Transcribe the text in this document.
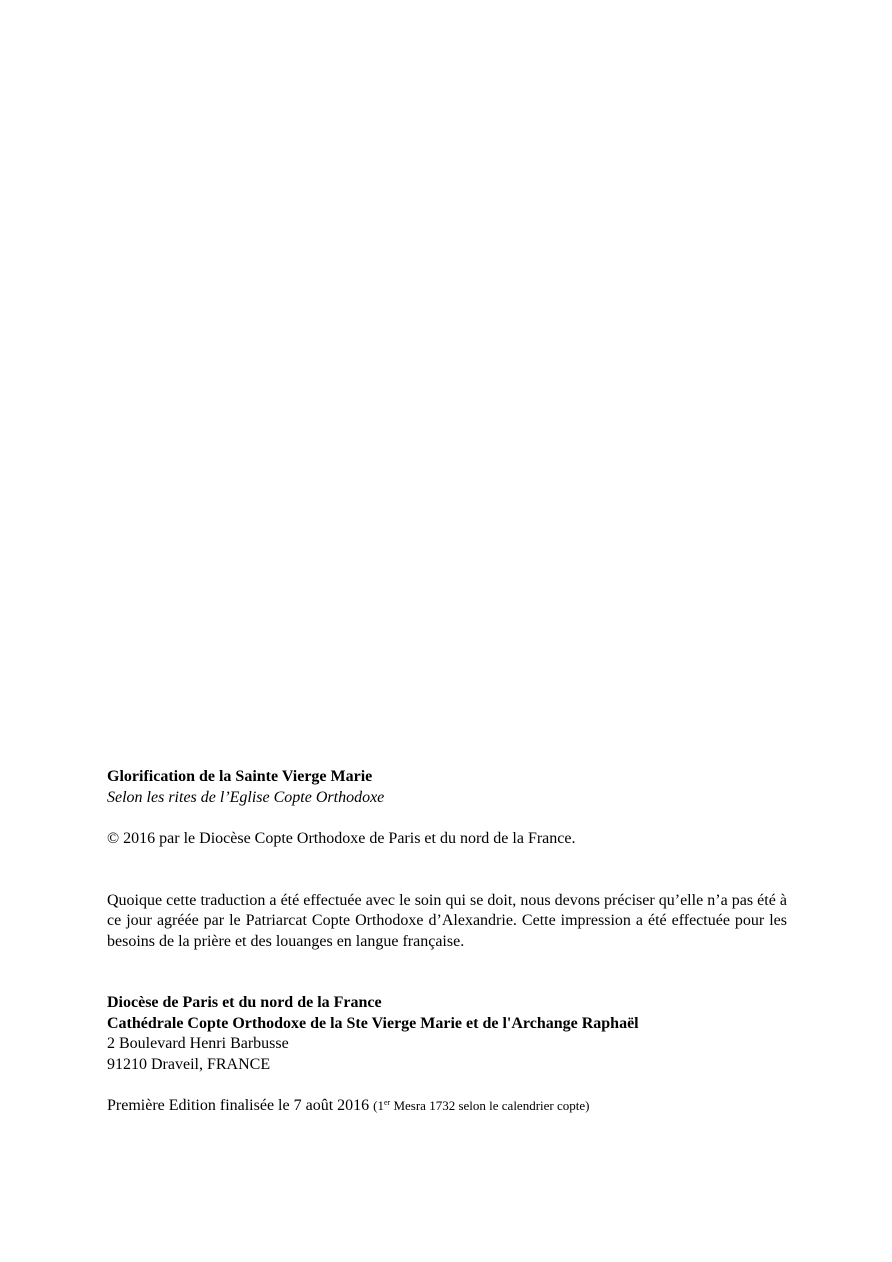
Glorification de la Sainte Vierge Marie
Selon les rites de l’Eglise Copte Orthodoxe
© 2016 par le Diocèse Copte Orthodoxe de Paris et du nord de la France.

Quoique cette traduction a été effectuée avec le soin qui se doit, nous devons préciser qu’elle n’a pas été à ce jour agréée par le Patriarcat Copte Orthodoxe d’Alexandrie. Cette impression a été effectuée pour les besoins de la prière et des louanges en langue française.

Diocèse de Paris et du nord de la France
Cathédrale Copte Orthodoxe de la Ste Vierge Marie et de l'Archange Raphaël
2 Boulevard Henri Barbusse
91210 Draveil, FRANCE
Première Edition finalisée le 7 août 2016 (1er Mesra 1732 selon le calendrier copte)
